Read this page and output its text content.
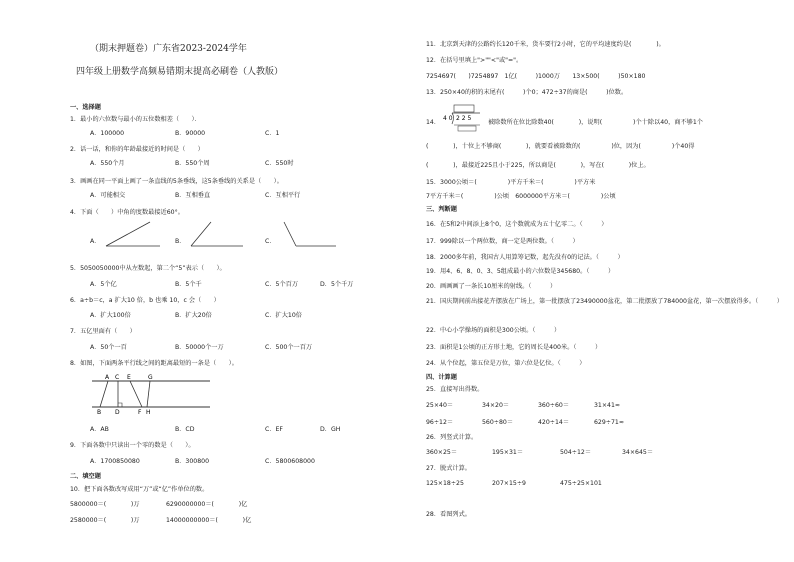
（期末押题卷）广东省2023-2024学年
四年级上册数学高频易错期末提高必刷卷（人教版）
一、选择题
1．最小的六位数与最小的五位数相差（　　）．
A．100000	B．90000	C．1
2．话一话，和你的年龄最接近的时间是（　　）
A．550个月	B．550个周	C．550时
3．画画在同一平面上画了一条直线的5条垂线，这5条垂线的关系是（　　）。
A．可能相交	B．互相垂直	C．互相平行
4．下面（　　）中角的度数最接近60°。
A．	B．	C．
5．5050050000中从左数起，第二个“5”表示（　　）。
A．5个亿	B．5个千	C．5个百万	D．5个千万
6．a÷b＝c，a 扩大10 倍，b 也乘 10，c 会（　　）
A．扩大100倍	B．扩大20倍	C．扩大10倍
7．五亿里面有（　　）
A．50个一百	B．50000个一万	C．500个一百万
8．如图，下面两条平行线之间的距离最短的一条是（　　）。
A C E	G
B D	F H
A．AB	B．CD	C．EF	D．GH
9．下面各数中只读出一个零的数是（　　）。
A．1700850080	B．300800	C．5800608000
二、填空题
10．把下面各数改写成用“万”或“亿”作单位的数。
5800000＝(　　　　)万	6290000000＝(　　　　)亿
2580000＝(　　　　)万	14000000000＝(　　　　)亿
11．北京到天津的公路约长120千米，货车要行2小时，它的平均速度约是(　　　　)。
12．在括号里填上">""<"或"="。
7254697(　　)7254897　1亿(　　　)1000万　　13×500(　　　)50×180
13．250×40的积的末尾有(　　　)个0；472÷37的商是(　　　)位数。
14．
4 0 2 2 5
被除数所在位比除数40(　　　　)，说明(　　　　　)个十除以40，商不够1个
(　　　　)，十位上不够商(　　　　)，就要看被除数的(　　　　　)位，因为(　　　　　)个40得
(　　　　)，最接近225且小于225，所以商是(　　　　)，写在(　　　　)位上。
15．3000公顷＝(　　　　　)平方千米＝(　　　　　)平方米
7平方千米＝(　　　　　)公顷　6000000平方米＝(　　　　　)公顷
三、判断题
16．在5和2中间添上8个0，这个数就成为五十亿零二。（　　　）
17．999除以一个两位数，商一定是两位数。（　　　）
18．2000多年前，我国古人用算筹记数，起先没有0的记法。（　　　）
19．用4、6、8、0、3、5组成最小的六位数是345680。（　　　）
20．画画画了一条长10厘米的射线。（　　　）
21．国庆期间前出接花卉摆放在广场上，第一批摆放了23490000盆花，第二批摆放了784000盆花，第一次摆放得多。（　　　）
22．中心小学操场的面积是300公顷。（　　　）
23．面积是1公顷的正方形土地，它的周长是400米。（　　　）
24．从个位起，第五位是万位，第六位是亿位。（　　　）
四、计算题
25．直接写出得数。
25×40＝	34×20＝	360÷60＝	31×41≈
96÷12＝	560÷80＝	420÷14＝	629÷71≈
26．列竖式计算。
360×25＝	195×31＝	504÷12＝	34×645＝
27．脱式计算。
125×18÷25	207×15÷9	475÷25×101
28．看图列式。
